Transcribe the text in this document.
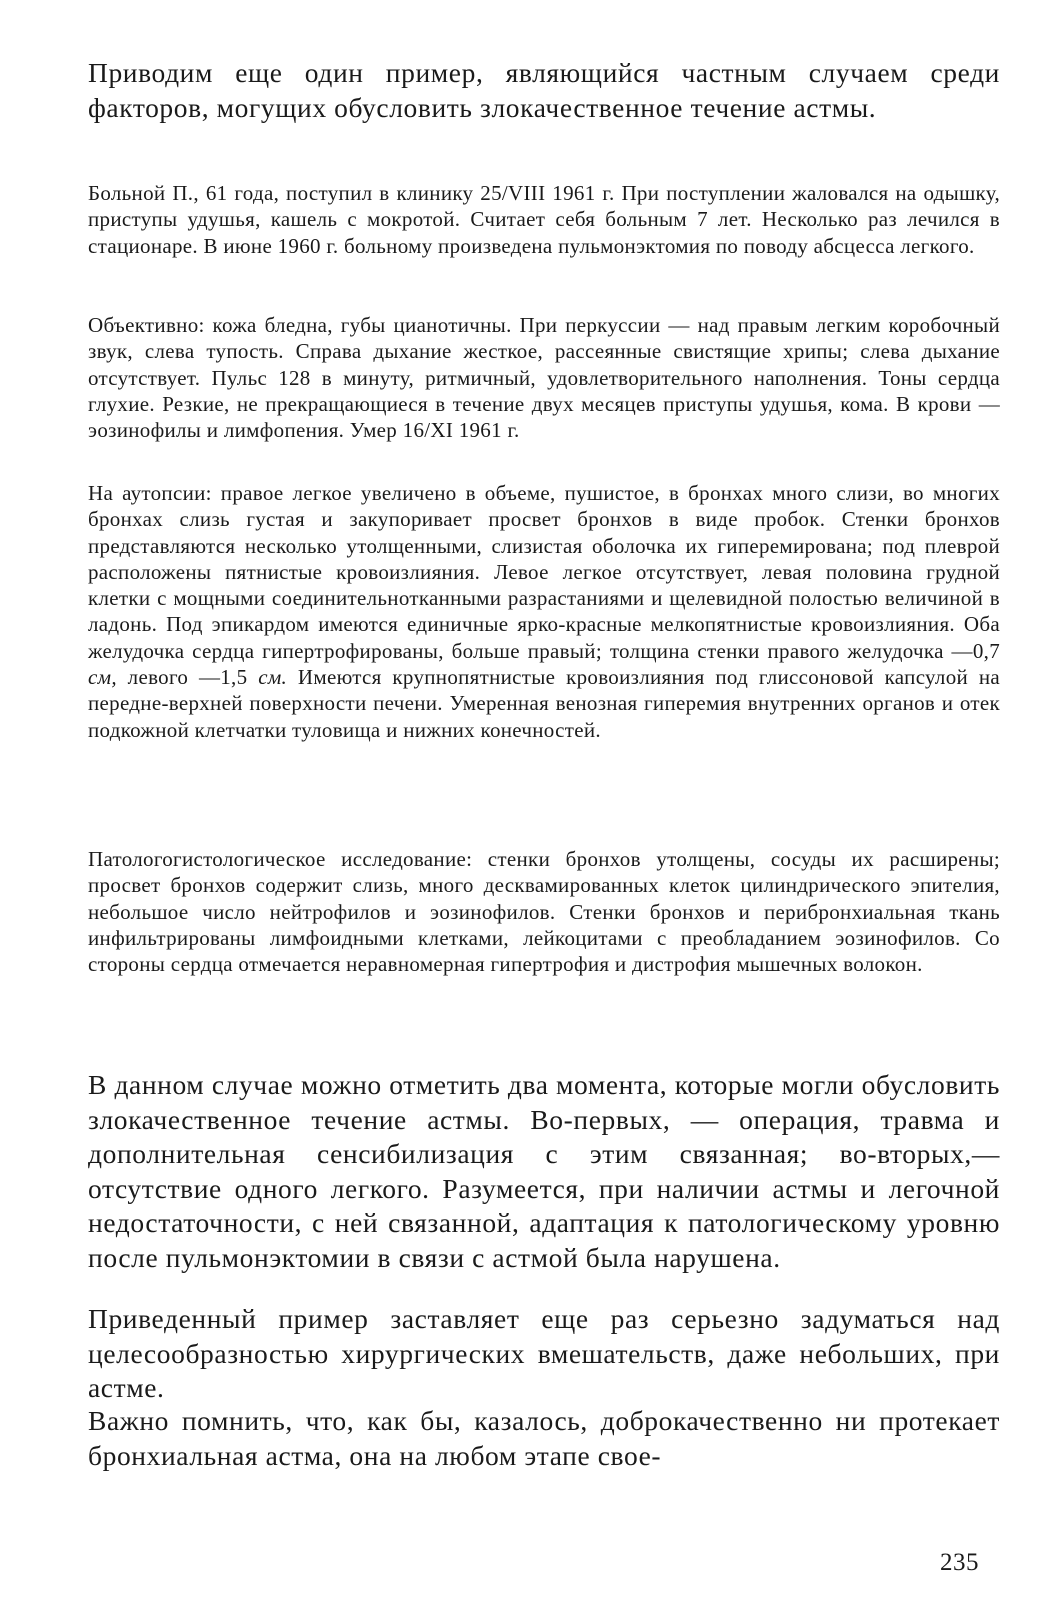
Приводим еще один пример, являющийся частным случаем среди факторов, могущих обусловить злокачественное течение астмы.

Больной П., 61 года, поступил в клинику 25/VIII 1961 г. При поступлении жаловался на одышку, приступы удушья, кашель с мокротой. Считает себя больным 7 лет. Несколько раз лечился в стационаре. В июне 1960 г. больному произведена пульмонэктомия по поводу абсцесса легкого.

Объективно: кожа бледна, губы цианотичны. При перкуссии — над правым легким коробочный звук, слева тупость. Справа дыхание жесткое, рассеянные свистящие хрипы; слева дыхание отсутствует. Пульс 128 в минуту, ритмичный, удовлетворительного наполнения. Тоны сердца глухие. Резкие, не прекращающиеся в течение двух месяцев приступы удушья, кома. В крови — эозинофилы и лимфопения. Умер 16/XI 1961 г.

На аутопсии: правое легкое увеличено в объеме, пушистое, в бронхах много слизи, во многих бронхах слизь густая и закупоривает просвет бронхов в виде пробок. Стенки бронхов представляются несколько утолщенными, слизистая оболочка их гиперемирована; под плеврой расположены пятнистые кровоизлияния. Левое легкое отсутствует, левая половина грудной клетки с мощными соединительнотканными разрастаниями и щелевидной полостью величиной в ладонь. Под эпикардом имеются единичные ярко-красные мелкопятнистые кровоизлияния. Оба желудочка сердца гипертрофированы, больше правый; толщина стенки правого желудочка —0,7 см, левого —1,5 см. Имеются крупнопятнистые кровоизлияния под глиссоновой капсулой на передне-верхней поверхности печени. Умеренная венозная гиперемия внутренних органов и отек подкожной клетчатки туловища и нижних конечностей.

Патологогистологическое исследование: стенки бронхов утолщены, сосуды их расширены; просвет бронхов содержит слизь, много десквамированных клеток цилиндрического эпителия, небольшое число нейтрофилов и эозинофилов. Стенки бронхов и перибронхиальная ткань инфильтрированы лимфоидными клетками, лейкоцитами с преобладанием эозинофилов. Со стороны сердца отмечается неравномерная гипертрофия и дистрофия мышечных волокон.

В данном случае можно отметить два момента, которые могли обусловить злокачественное течение астмы. Во-первых, — операция, травма и дополнительная сенсибилизация с этим связанная; во-вторых,— отсутствие одного легкого. Разумеется, при наличии астмы и легочной недостаточности, с ней связанной, адаптация к патологическому уровню после пульмонэктомии в связи с астмой была нарушена.

Приведенный пример заставляет еще раз серьезно задуматься над целесообразностью хирургических вмешательств, даже небольших, при астме.

Важно помнить, что, как бы, казалось, доброкачественно ни протекает бронхиальная астма, она на любом этапе свое-

235
